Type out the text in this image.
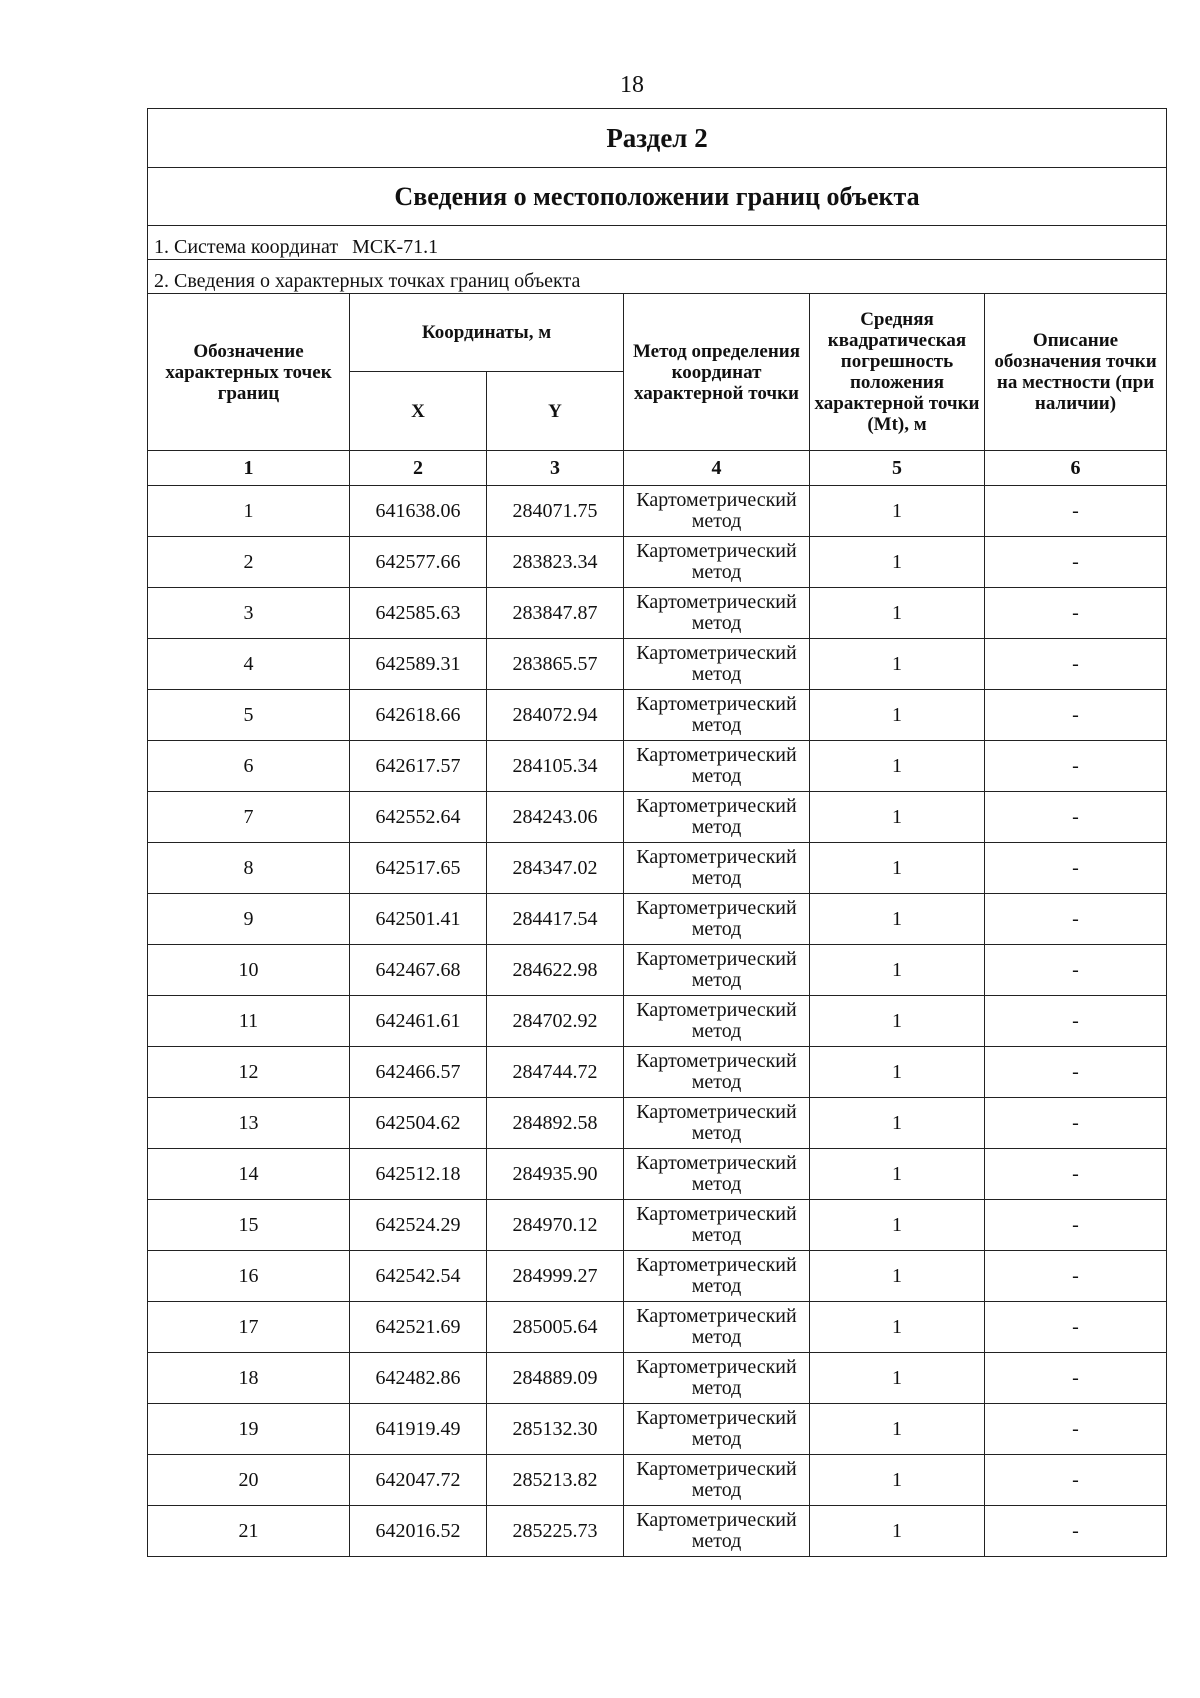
18
Раздел 2					
Сведения о местоположении границ объекта					
1. Система координат МСК-71.1					
2. Сведения о характерных точках границ объекта					
Обозначение характерных точек границ	Координаты, м		Метод определения координат характерной точки	Средняя квадратическая погрешность положения характерной точки (Mt), м	Описание обозначения точки на местности (при наличии)
	X	Y			
1	2	3	4	5	6
1	641638.06	284071.75	Картометрический метод	1	-
2	642577.66	283823.34	Картометрический метод	1	-
3	642585.63	283847.87	Картометрический метод	1	-
4	642589.31	283865.57	Картометрический метод	1	-
5	642618.66	284072.94	Картометрический метод	1	-
6	642617.57	284105.34	Картометрический метод	1	-
7	642552.64	284243.06	Картометрический метод	1	-
8	642517.65	284347.02	Картометрический метод	1	-
9	642501.41	284417.54	Картометрический метод	1	-
10	642467.68	284622.98	Картометрический метод	1	-
11	642461.61	284702.92	Картометрический метод	1	-
12	642466.57	284744.72	Картометрический метод	1	-
13	642504.62	284892.58	Картометрический метод	1	-
14	642512.18	284935.90	Картометрический метод	1	-
15	642524.29	284970.12	Картометрический метод	1	-
16	642542.54	284999.27	Картометрический метод	1	-
17	642521.69	285005.64	Картометрический метод	1	-
18	642482.86	284889.09	Картометрический метод	1	-
19	641919.49	285132.30	Картометрический метод	1	-
20	642047.72	285213.82	Картометрический метод	1	-
21	642016.52	285225.73	Картометрический метод	1	-
